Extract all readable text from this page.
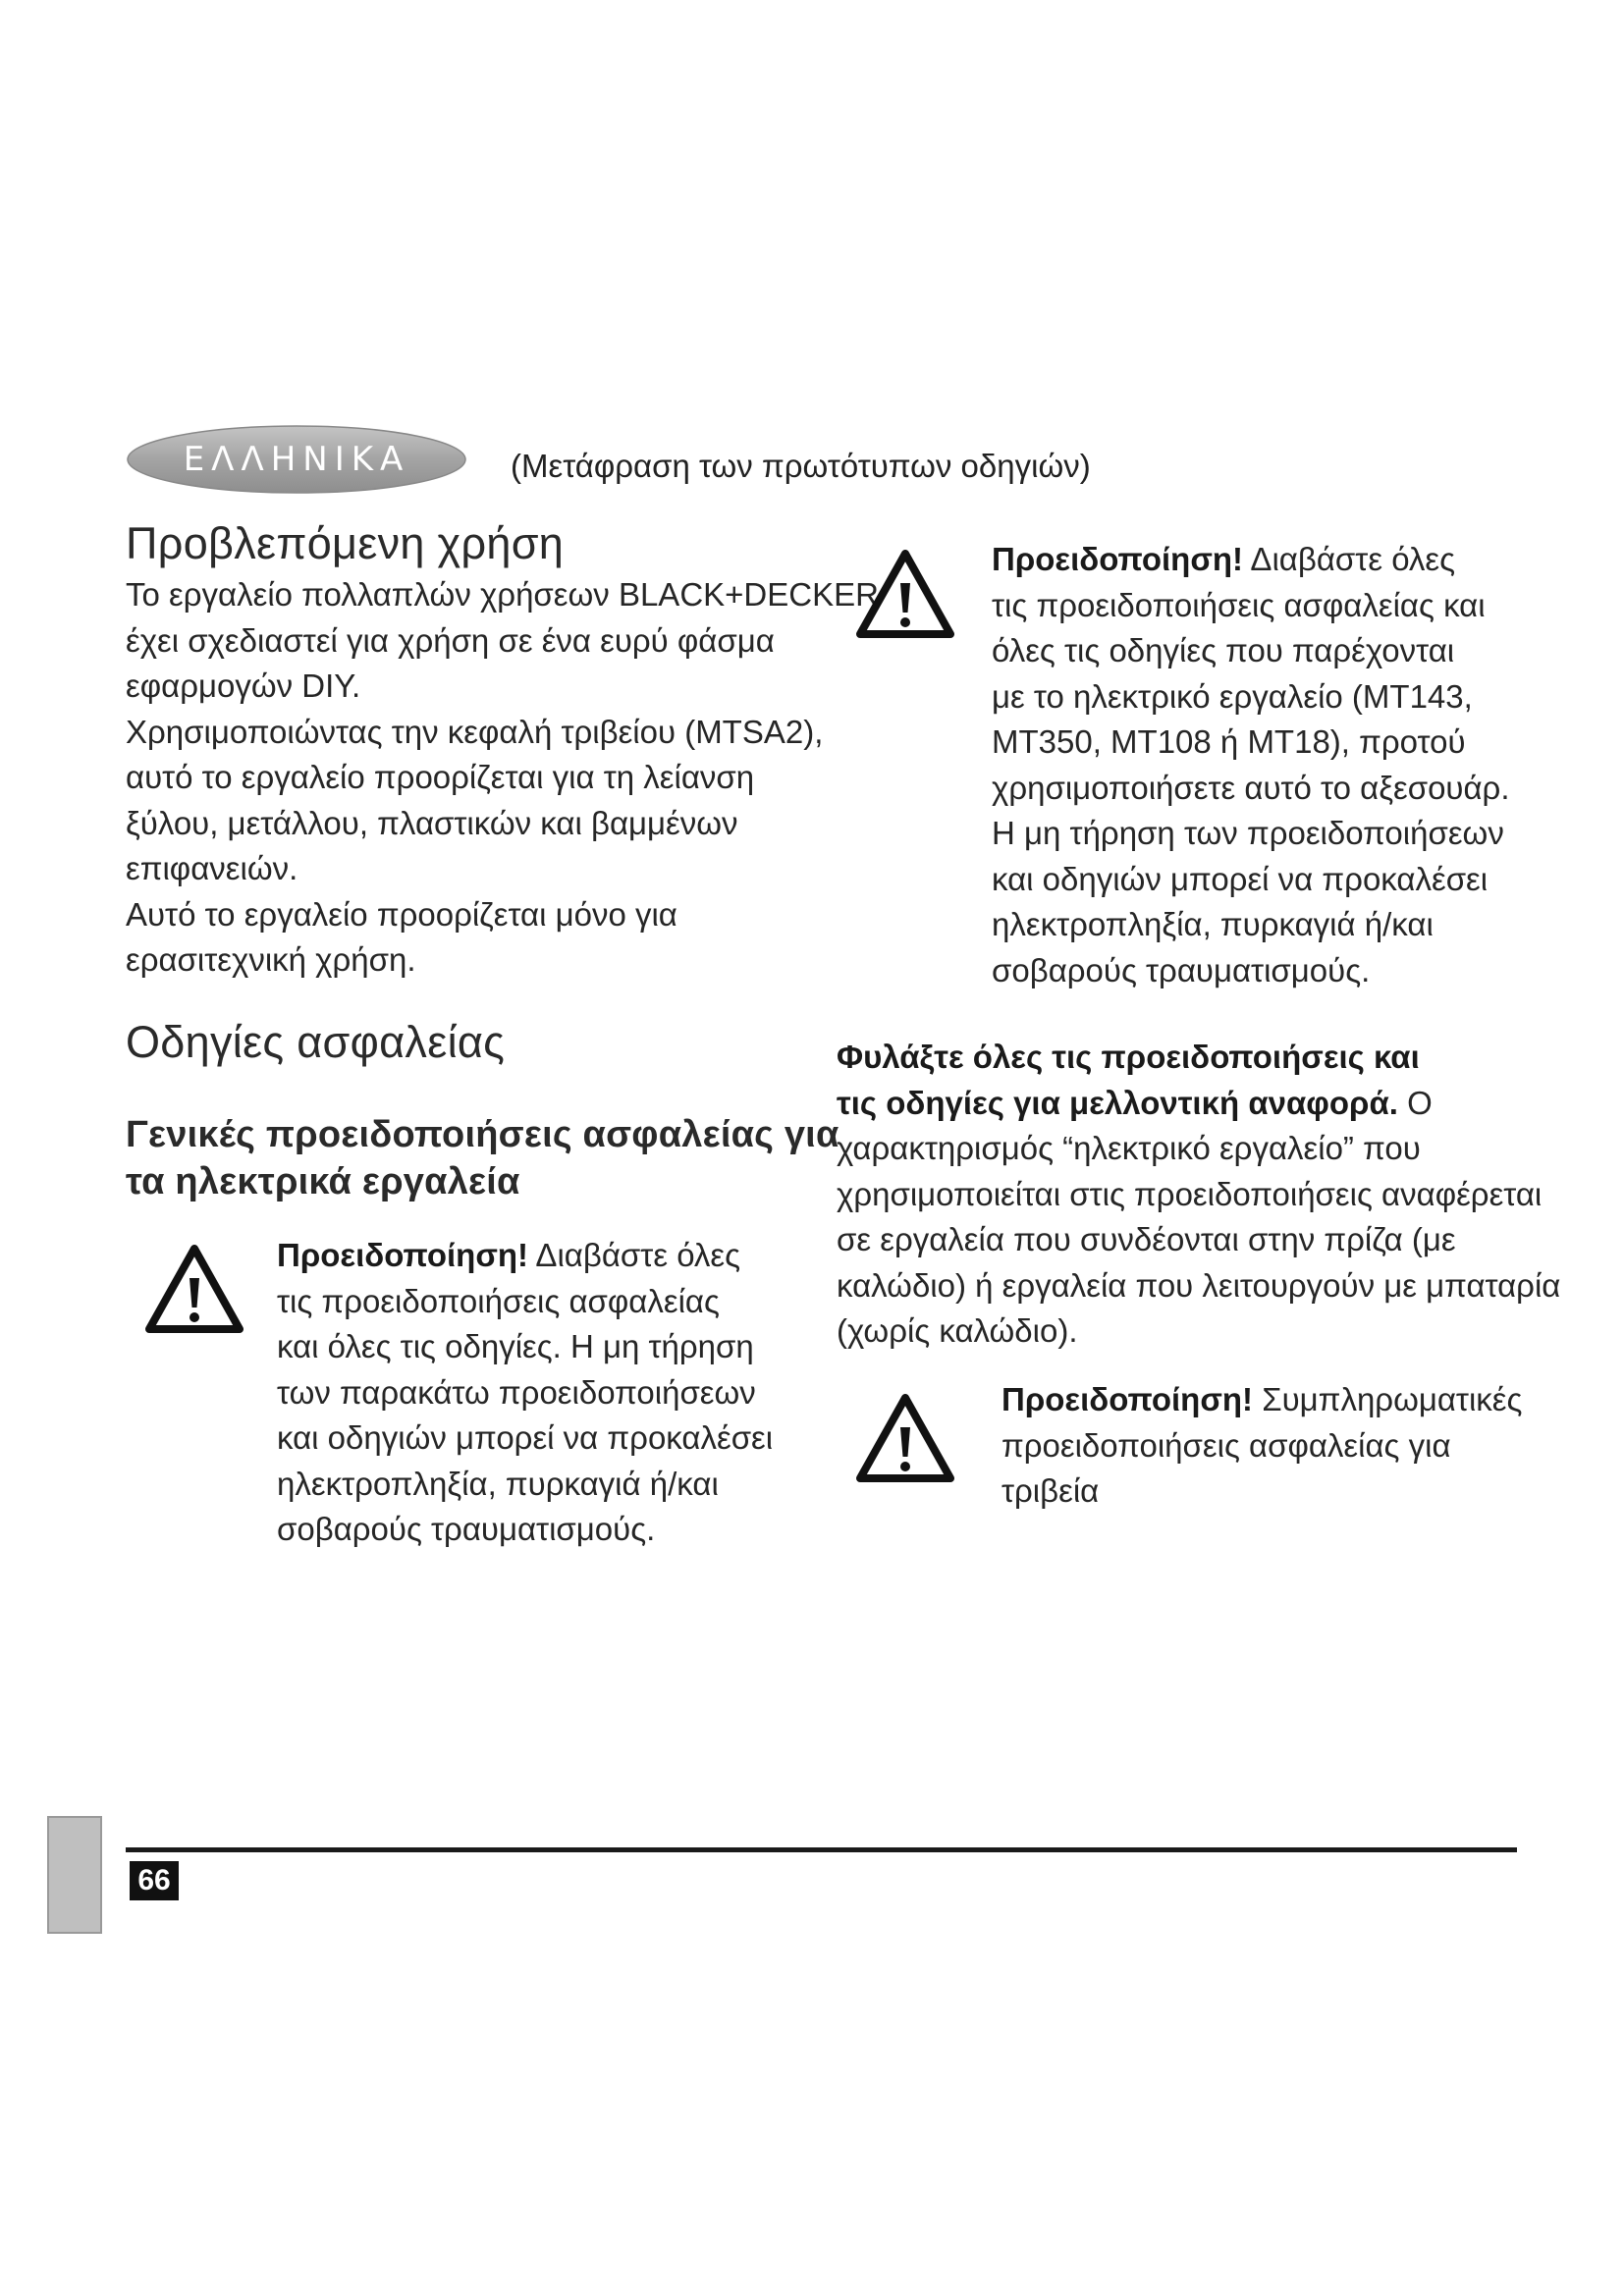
ΕΛΛΗΝΙΚΑ	(Μετάφραση των πρωτότυπων οδηγιών)
Προβλεπόμενη χρήση
Το εργαλείο πολλαπλών χρήσεων BLACK+DECKER
έχει σχεδιαστεί για χρήση σε ένα ευρύ φάσμα
εφαρμογών DIY.
Χρησιμοποιώντας την κεφαλή τριβείου (MTSA2),
αυτό το εργαλείο προορίζεται για τη λείανση
ξύλου, μετάλλου, πλαστικών και βαμμένων
επιφανειών.
Αυτό το εργαλείο προορίζεται μόνο για
ερασιτεχνική χρήση.
Οδηγίες ασφαλείας
Γενικές προειδοποιήσεις ασφαλείας για
τα ηλεκτρικά εργαλεία
Προειδοποίηση! Διαβάστε όλες
τις προειδοποιήσεις ασφαλείας
και όλες τις οδηγίες. Η μη τήρηση
των παρακάτω προειδοποιήσεων
και οδηγιών μπορεί να προκαλέσει
ηλεκτροπληξία, πυρκαγιά ή/και
σοβαρούς τραυματισμούς.
Προειδοποίηση! Διαβάστε όλες
τις προειδοποιήσεις ασφαλείας και
όλες τις οδηγίες που παρέχονται
με το ηλεκτρικό εργαλείο (MT143,
MT350, MT108 ή MT18), προτού
χρησιμοποιήσετε αυτό το αξεσουάρ.
Η μη τήρηση των προειδοποιήσεων
και οδηγιών μπορεί να προκαλέσει
ηλεκτροπληξία, πυρκαγιά ή/και
σοβαρούς τραυματισμούς.
Φυλάξτε όλες τις προειδοποιήσεις και
τις οδηγίες για μελλοντική αναφορά. Ο
χαρακτηρισμός “ηλεκτρικό εργαλείο” που
χρησιμοποιείται στις προειδοποιήσεις αναφέρεται
σε εργαλεία που συνδέονται στην πρίζα (με
καλώδιο) ή εργαλεία που λειτουργούν με μπαταρία
(χωρίς καλώδιο).
Προειδοποίηση! Συμπληρωματικές
προειδοποιήσεις ασφαλείας για
τριβεία
66
